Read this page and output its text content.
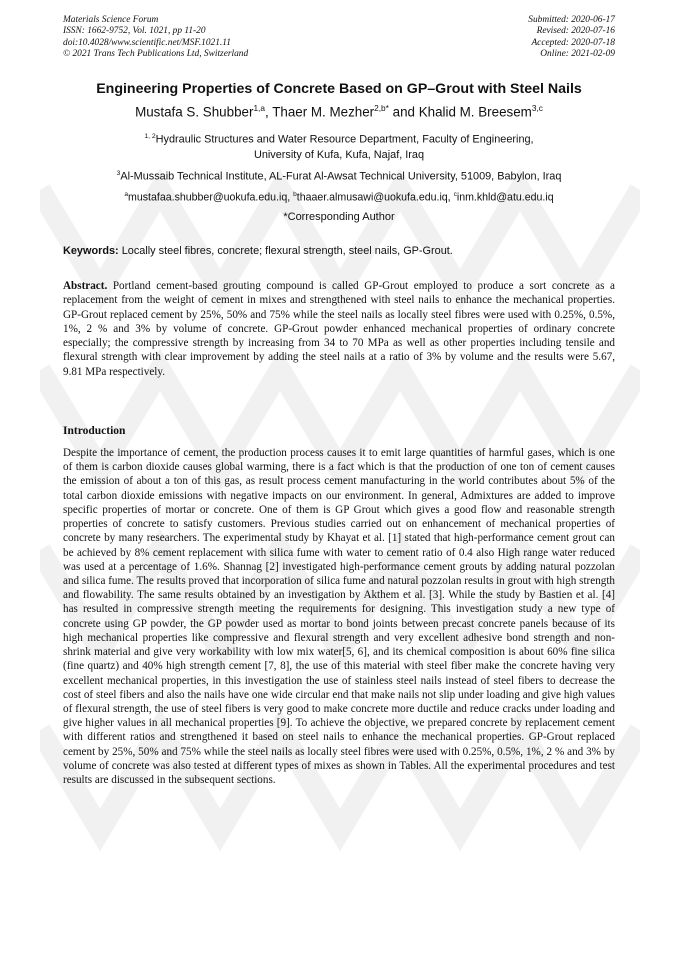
Materials Science Forum
ISSN: 1662-9752, Vol. 1021, pp 11-20
doi:10.4028/www.scientific.net/MSF.1021.11
© 2021 Trans Tech Publications Ltd, Switzerland
Submitted: 2020-06-17
Revised: 2020-07-16
Accepted: 2020-07-18
Online: 2021-02-09
Engineering Properties of Concrete Based on GP–Grout with Steel Nails
Mustafa S. Shubber$^{1,a}$, Thaer M. Mezher$^{2,b*}$ and Khalid M. Breesem$^{3,c}$
$^{1, 2}$Hydraulic Structures and Water Resource Department, Faculty of Engineering,
University of Kufa, Kufa, Najaf, Iraq
$^3$Al-Mussaib Technical Institute, AL-Furat Al-Awsat Technical University, 51009, Babylon, Iraq
$^a$mustafaa.shubber@uokufa.edu.iq, $^b$thaaer.almusawi@uokufa.edu.iq, $^c$inm.khld@atu.edu.iq
*Corresponding Author
Keywords: Locally steel fibres, concrete; flexural strength, steel nails, GP-Grout.
Abstract. Portland cement-based grouting compound is called GP-Grout employed to produce a sort concrete as a replacement from the weight of cement in mixes and strengthened with steel nails to enhance the mechanical properties. GP-Grout replaced cement by 25%, 50% and 75% while the steel nails as locally steel fibres were used with 0.25%, 0.5%, 1%, 2 % and 3% by volume of concrete. GP-Grout powder enhanced mechanical properties of ordinary concrete especially; the compressive strength by increasing from 34 to 70 MPa as well as other properties including tensile and flexural strength with clear improvement by adding the steel nails at a ratio of 3% by volume and the results were 5.67, 9.81 MPa respectively.
Introduction
Despite the importance of cement, the production process causes it to emit large quantities of harmful gases, which is one of them is carbon dioxide causes global warming, there is a fact which is that the production of one ton of cement causes the emission of about a ton of this gas, as result process cement manufacturing in the world contributes about 5% of the total carbon dioxide emissions with negative impacts on our environment. In general, Admixtures are added to improve specific properties of mortar or concrete. One of them is GP Grout which gives a good flow and reasonable strength properties of concrete to satisfy customers. Previous studies carried out on enhancement of mechanical properties of concrete by many researchers. The experimental study by Khayat et al. [1] stated that high-performance cement grout can be achieved by 8% cement replacement with silica fume with water to cement ratio of 0.4 also High range water reduced was used at a percentage of 1.6%. Shannag [2] investigated high-performance cement grouts by adding natural pozzolan and silica fume. The results proved that incorporation of silica fume and natural pozzolan results in grout with high strength and flowability. The same results obtained by an investigation by Akthem et al. [3]. While the study by Bastien et al. [4] has resulted in compressive strength meeting the requirements for designing. This investigation study a new type of concrete using GP powder, the GP powder used as mortar to bond joints between precast concrete panels because of its high mechanical properties like compressive and flexural strength and very excellent adhesive bond strength and non-shrink material and give very workability with low mix water[5, 6], and its chemical composition is about 60% fine silica (fine quartz) and 40% high strength cement [7, 8], the use of this material with steel fiber make the concrete having very excellent mechanical properties, in this investigation the use of stainless steel nails instead of steel fibers to decrease the cost of steel fibers and also the nails have one wide circular end that make nails not slip under loading and give high values of flexural strength, the use of steel fibers is very good to make concrete more ductile and reduce cracks under loading and give higher values in all mechanical properties [9]. To achieve the objective, we prepared concrete by replacement cement with different ratios and strengthened it based on steel nails to enhance the mechanical properties. GP-Grout replaced cement by 25%, 50% and 75% while the steel nails as locally steel fibres were used with 0.25%, 0.5%, 1%, 2 % and 3% by volume of concrete was also tested at different types of mixes as shown in Tables. All the experimental procedures and test results are discussed in the subsequent sections.
